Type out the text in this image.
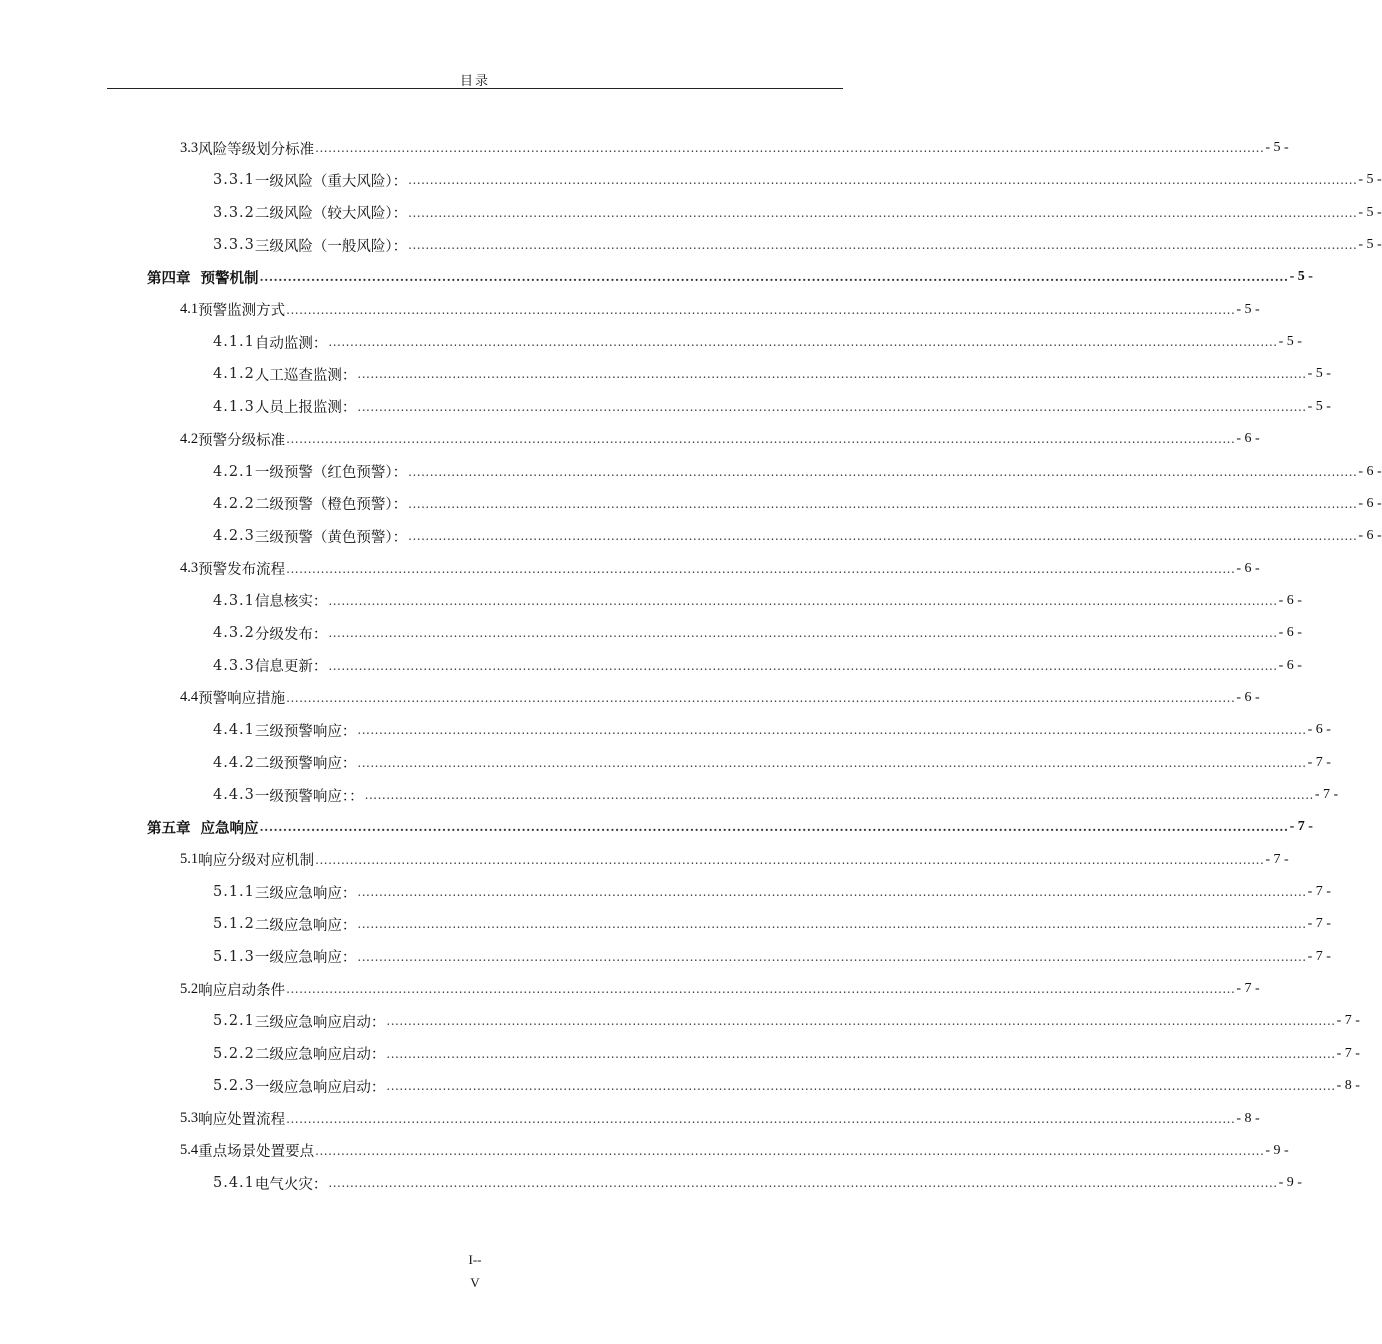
目录
3.3 风险等级划分标准 ............................................................................................................................................................................................................................ - 5 -
3.3.1 一级风险（重大风险）： ............................................................................................................................................................................................................................ - 5 -
3.3.2 二级风险（较大风险）： ............................................................................................................................................................................................................................ - 5 -
3.3.3 三级风险（一般风险）： ............................................................................................................................................................................................................................ - 5 -
第四章 预警机制 ............................................................................................................................................................................................................................ - 5 -
4.1 预警监测方式 ............................................................................................................................................................................................................................ - 5 -
4.1.1 自动监测： ............................................................................................................................................................................................................................ - 5 -
4.1.2 人工巡查监测： ............................................................................................................................................................................................................................ - 5 -
4.1.3 人员上报监测： ............................................................................................................................................................................................................................ - 5 -
4.2 预警分级标准 ............................................................................................................................................................................................................................ - 6 -
4.2.1 一级预警（红色预警）： ............................................................................................................................................................................................................................ - 6 -
4.2.2 二级预警（橙色预警）： ............................................................................................................................................................................................................................ - 6 -
4.2.3 三级预警（黄色预警）： ............................................................................................................................................................................................................................ - 6 -
4.3 预警发布流程 ............................................................................................................................................................................................................................ - 6 -
4.3.1 信息核实： ............................................................................................................................................................................................................................ - 6 -
4.3.2 分级发布： ............................................................................................................................................................................................................................ - 6 -
4.3.3 信息更新： ............................................................................................................................................................................................................................ - 6 -
4.4 预警响应措施 ............................................................................................................................................................................................................................ - 6 -
4.4.1 三级预警响应： ............................................................................................................................................................................................................................ - 6 -
4.4.2 二级预警响应： ............................................................................................................................................................................................................................ - 7 -
4.4.3 一级预警响应：： ............................................................................................................................................................................................................................ - 7 -
第五章 应急响应 ............................................................................................................................................................................................................................ - 7 -
5.1 响应分级对应机制 ............................................................................................................................................................................................................................ - 7 -
5.1.1 三级应急响应： ............................................................................................................................................................................................................................ - 7 -
5.1.2 二级应急响应： ............................................................................................................................................................................................................................ - 7 -
5.1.3 一级应急响应： ............................................................................................................................................................................................................................ - 7 -
5.2 响应启动条件 ............................................................................................................................................................................................................................ - 7 -
5.2.1 三级应急响应启动： ............................................................................................................................................................................................................................ - 7 -
5.2.2 二级应急响应启动： ............................................................................................................................................................................................................................ - 7 -
5.2.3 一级应急响应启动： ............................................................................................................................................................................................................................ - 8 -
5.3 响应处置流程 ............................................................................................................................................................................................................................ - 8 -
5.4 重点场景处置要点 ............................................................................................................................................................................................................................ - 9 -
5.4.1 电气火灾： ............................................................................................................................................................................................................................ - 9 -
I--
V
